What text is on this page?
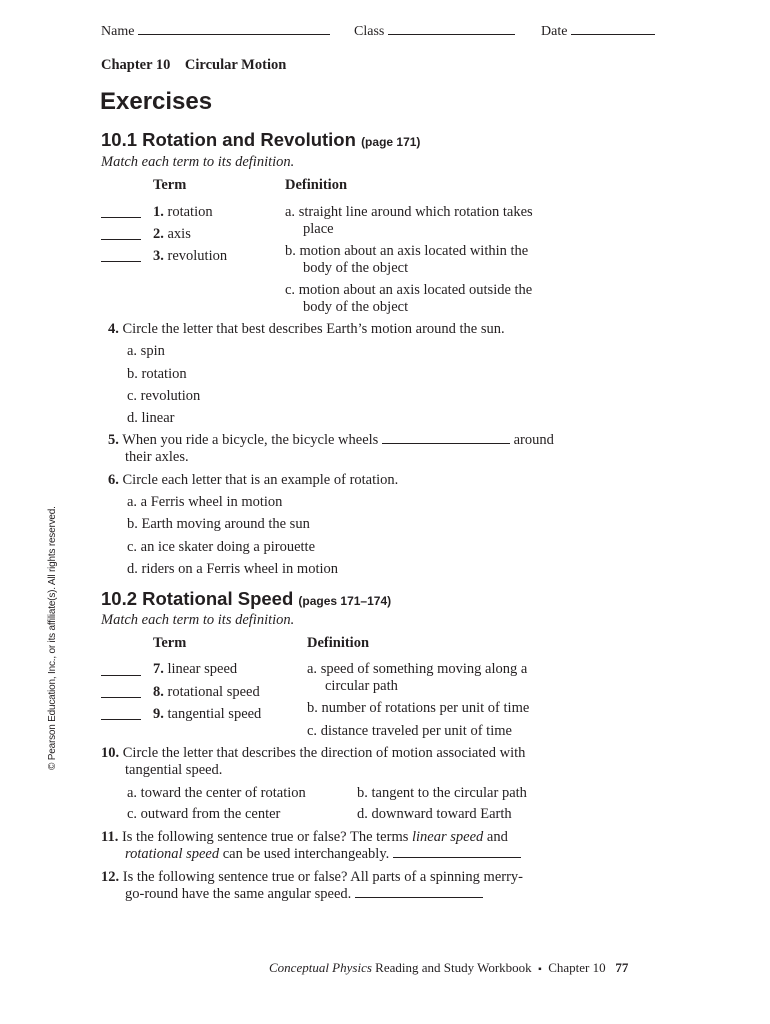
Name	Class	Date
Chapter 10 Circular Motion
Exercises
10.1 Rotation and Revolution (page 171)
Match each term to its definition.
Term	Definition
1. rotation
2. axis
3. revolution
a. straight line around which rotation takes
place
b. motion about an axis located within the
body of the object
c. motion about an axis located outside the
body of the object
4. Circle the letter that best describes Earth’s motion around the sun.
a. spin
b. rotation
c. revolution
d. linear
5. When you ride a bicycle, the bicycle wheels	around
their axles.
6. Circle each letter that is an example of rotation.
a. a Ferris wheel in motion
b. Earth moving around the sun
c. an ice skater doing a pirouette
d. riders on a Ferris wheel in motion
10.2 Rotational Speed (pages 171–174)
Match each term to its definition.
Term	Definition
7. linear speed
8. rotational speed
9. tangential speed
a. speed of something moving along a
circular path
b. number of rotations per unit of time
c. distance traveled per unit of time
10. Circle the letter that describes the direction of motion associated with
tangential speed.
a. toward the center of rotation	b. tangent to the circular path
c. outward from the center	d. downward toward Earth
11. Is the following sentence true or false? The terms linear speed and
rotational speed can be used interchangeably.
12. Is the following sentence true or false? All parts of a spinning merry-
go-round have the same angular speed.
© Pearson Education, Inc., or its affiliate(s). All rights reserved.
Conceptual Physics Reading and Study Workbook ▪ Chapter 10 77
